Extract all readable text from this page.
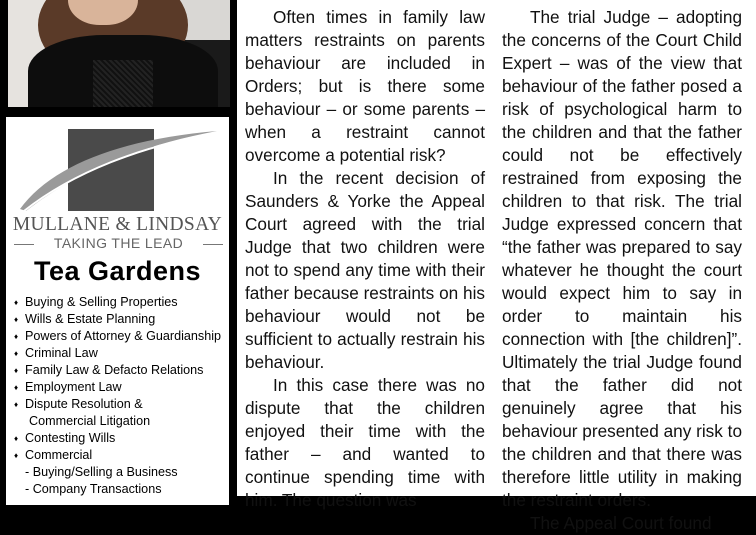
MULLANE & LINDSAY
TAKING THE LEAD
Tea Gardens
♦ Buying & Selling Properties
♦ Wills & Estate Planning
♦ Powers of Attorney & Guardianship
♦ Criminal Law
♦ Family Law & Defacto Relations
♦ Employment Law
♦ Dispute Resolution &
Commercial Litigation
♦ Contesting Wills
♦ Commercial
- Buying/Selling a Business
- Company Transactions

Often times in family law matters restraints on parents behaviour are included in Orders; but is there some behaviour – or some parents – when a restraint cannot overcome a potential risk?

In the recent decision of Saunders & Yorke the Appeal Court agreed with the trial Judge that two children were not to spend any time with their father because restraints on his behaviour would not be sufficient to actually restrain his behaviour.

In this case there was no dispute that the children enjoyed their time with the father – and wanted to continue spending time with him. The question was

The trial Judge – adopting the concerns of the Court Child Expert – was of the view that behaviour of the father posed a risk of psychological harm to the children and that the father could not be effectively restrained from exposing the children to that risk. The trial Judge expressed concern that “the father was prepared to say whatever he thought the court would expect him to say in order to maintain his connection with [the children]”. Ultimately the trial Judge found that the father did not genuinely agree that his behaviour presented any risk to the children and that there was therefore little utility in making the restraint orders.

The Appeal Court found
